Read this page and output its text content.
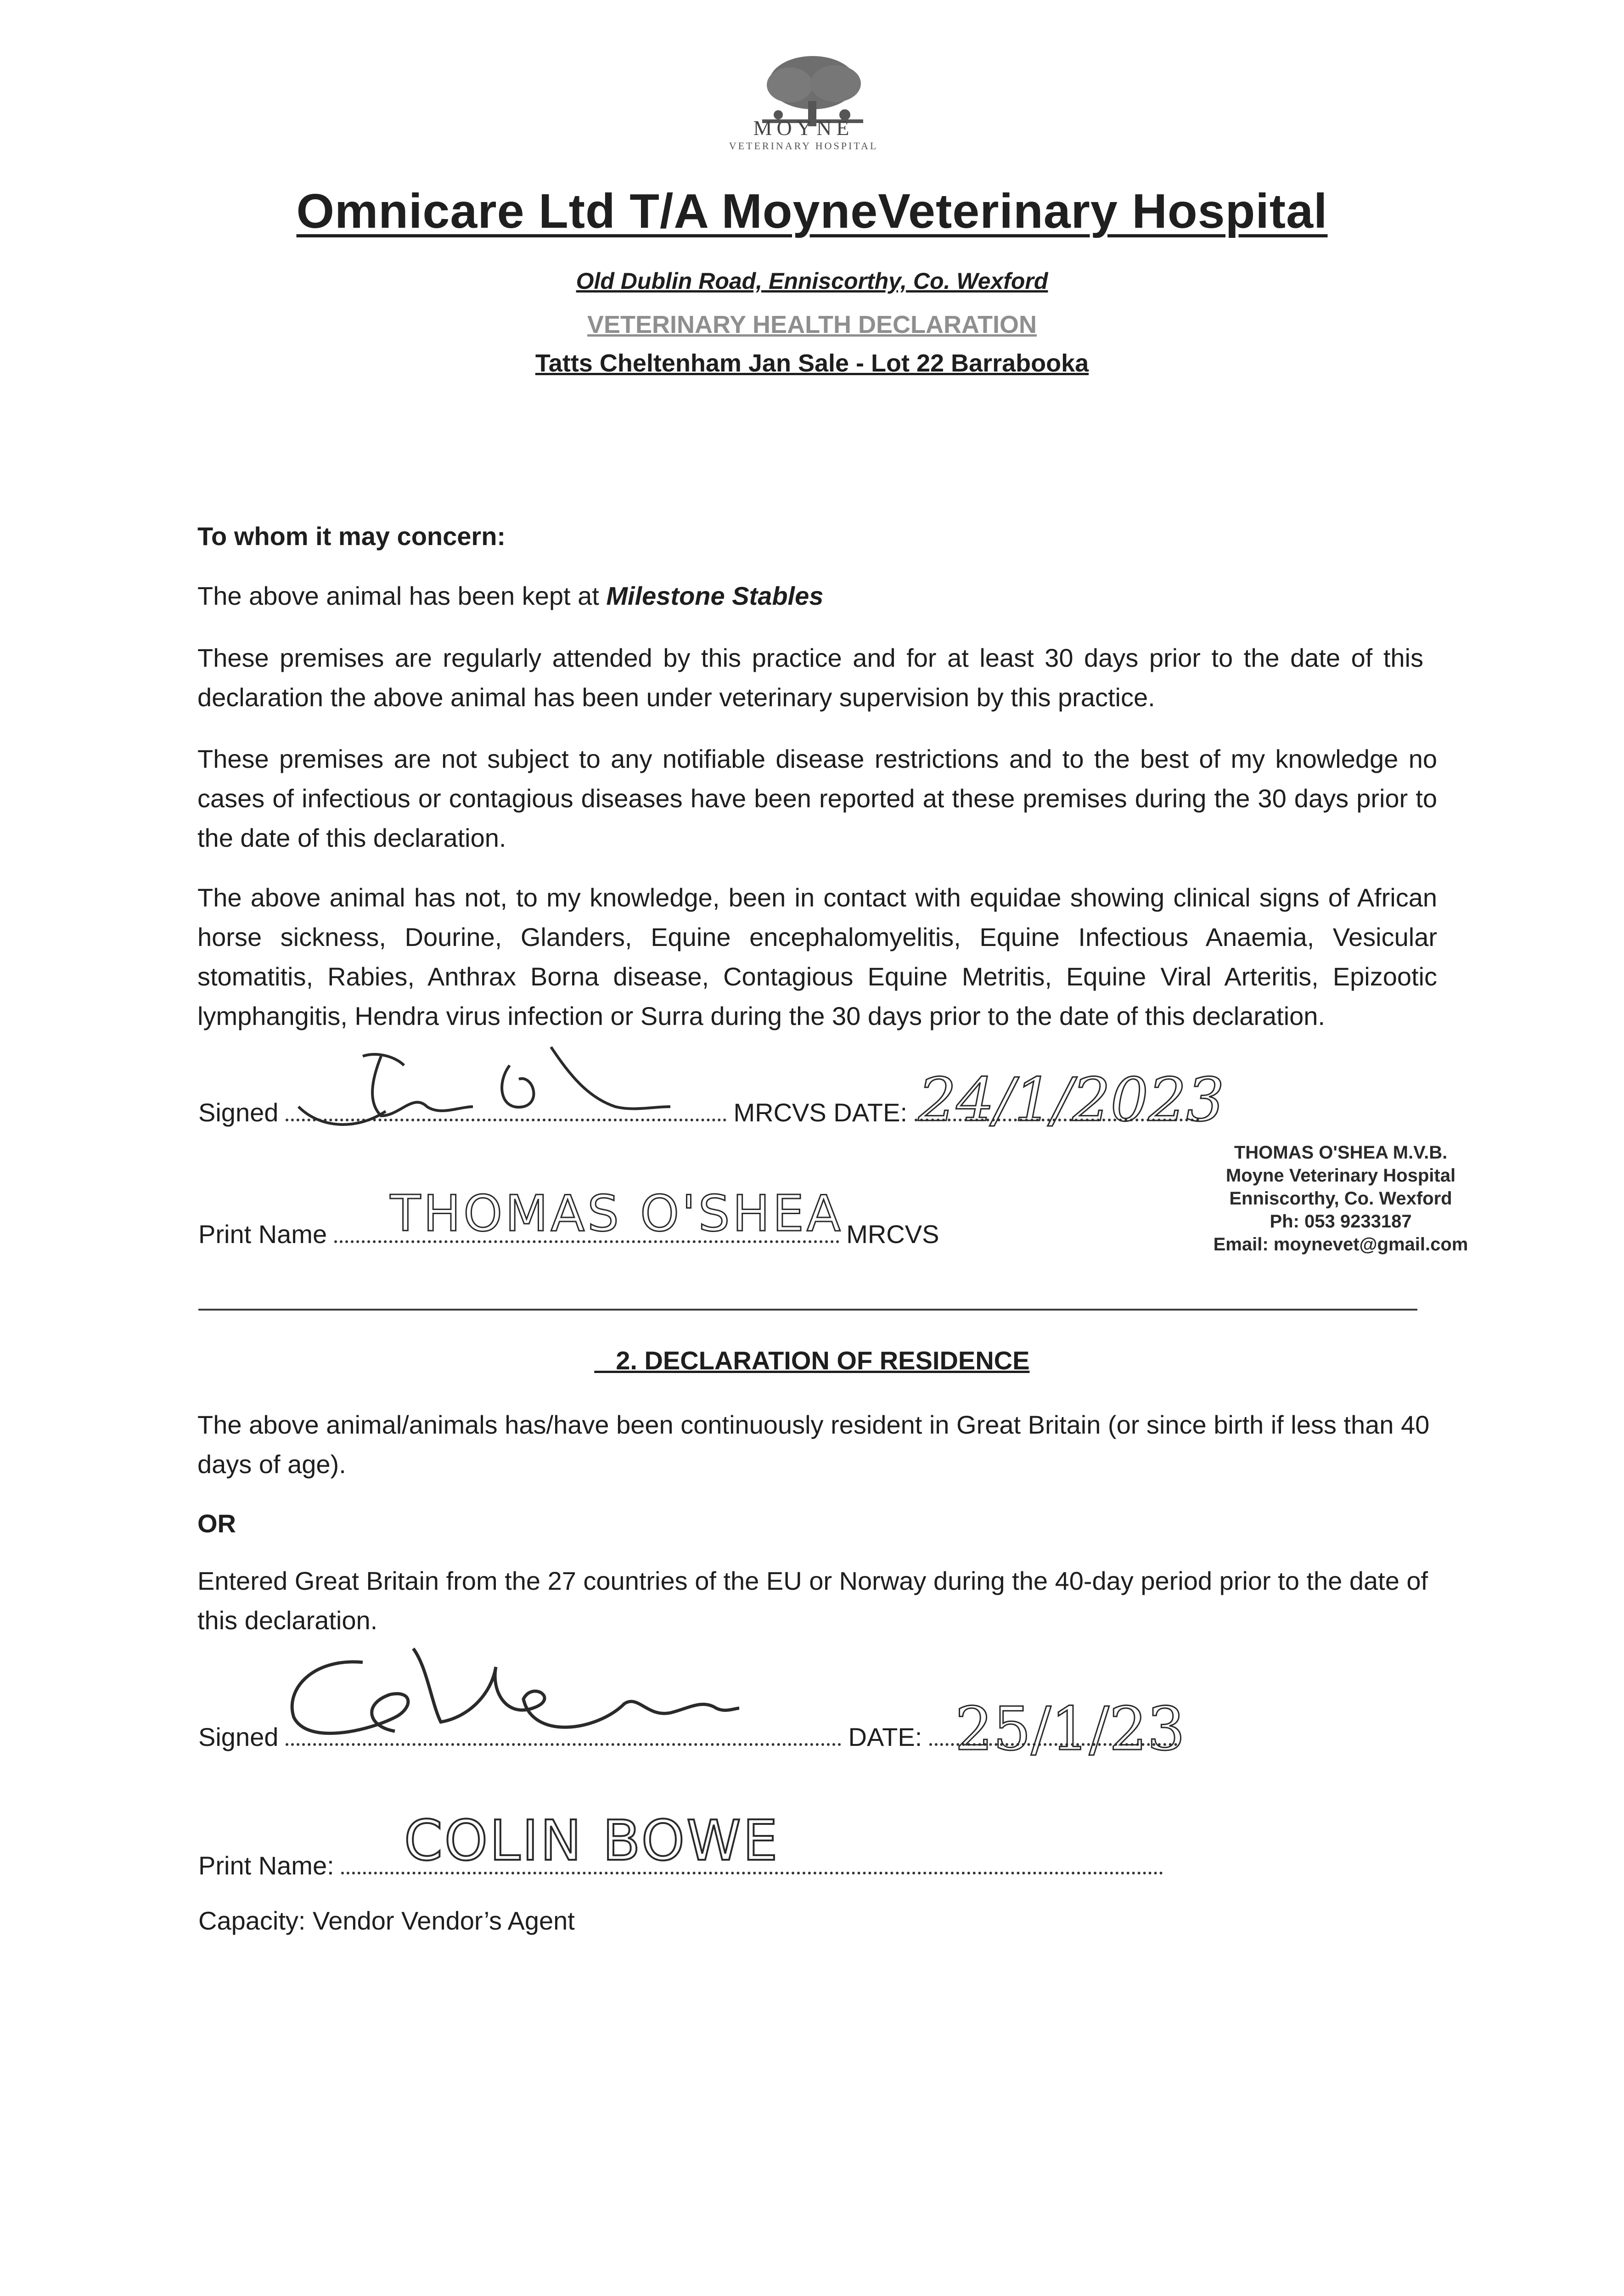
MOYNE
VETERINARY HOSPITAL
Omnicare Ltd T/A MoyneVeterinary Hospital
Old Dublin Road, Enniscorthy, Co. Wexford
VETERINARY HEALTH DECLARATION
Tatts Cheltenham Jan Sale - Lot 22 Barrabooka
To whom it may concern:
The above animal has been kept at Milestone Stables
These premises are regularly attended by this practice and for at least 30 days prior to the date of this declaration the above animal has been under veterinary supervision by this practice.
These premises are not subject to any notifiable disease restrictions and to the best of my knowledge no cases of infectious or contagious diseases have been reported at these premises during the 30 days prior to the date of this declaration.
The above animal has not, to my knowledge, been in contact with equidae showing clinical signs of African horse sickness, Dourine, Glanders, Equine encephalomyelitis, Equine Infectious Anaemia, Vesicular stomatitis, Rabies, Anthrax Borna disease, Contagious Equine Metritis, Equine Viral Arteritis, Epizootic lymphangitis, Hendra virus infection or Surra during the 30 days prior to the date of this declaration.
Signed	MRCVS DATE: 24/1/2023
Print Name	MRCVS
THOMAS O'SHEA
THOMAS O'SHEA M.V.B.
Moyne Veterinary Hospital
Enniscorthy, Co. Wexford
Ph: 053 9233187
Email: moynevet@gmail.com
_ 2. DECLARATION OF RESIDENCE
The above animal/animals has/have been continuously resident in Great Britain (or since birth if less than 40 days of age).
OR
Entered Great Britain from the 27 countries of the EU or Norway during the 40-day period prior to the date of this declaration.
Signed	DATE: 25/1/23
Print Name:	COLIN BOWE
Capacity: Vendor Vendor’s Agent
